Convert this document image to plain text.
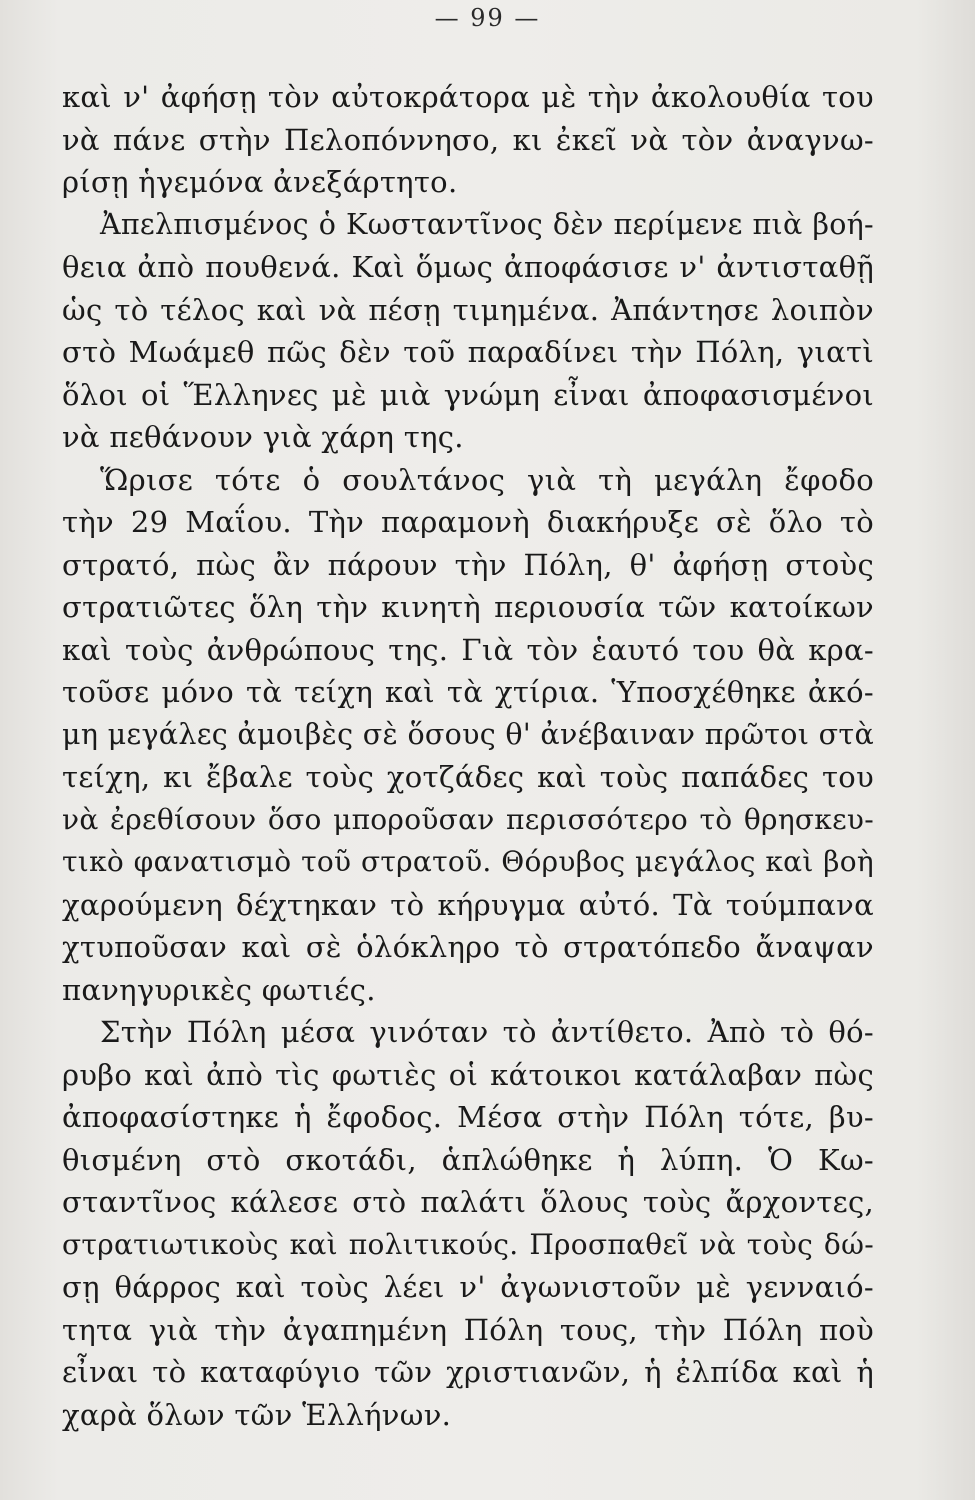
— 99 —
καὶ ν' ἀφήσῃ τὸν αὐτοκράτορα μὲ τὴν ἀκολουθία του
νὰ πάνε στὴν Πελοπόννησο, κι ἐκεῖ νὰ τὸν ἀναγνω-
ρίσῃ ἡγεμόνα ἀνεξάρτητο.
Ἀπελπισμένος ὁ Κωσταντῖνος δὲν περίμενε πιὰ βοή-
θεια ἀπὸ πουθενά. Καὶ ὅμως ἀποφάσισε ν' ἀντισταθῇ
ὡς τὸ τέλος καὶ νὰ πέσῃ τιμημένα. Ἀπάντησε λοιπὸν
στὸ Μωάμεθ πῶς δὲν τοῦ παραδίνει τὴν Πόλη, γιατὶ
ὅλοι οἱ Ἕλληνες μὲ μιὰ γνώμη εἶναι ἀποφασισμένοι
νὰ πεθάνουν γιὰ χάρη της.
Ὥρισε τότε ὁ σουλτάνος γιὰ τὴ μεγάλη ἔφοδο
τὴν 29 Μαΐου. Τὴν παραμονὴ διακήρυξε σὲ ὅλο τὸ
στρατό, πὼς ἂν πάρουν τὴν Πόλη, θ' ἀφήσῃ στοὺς
στρατιῶτες ὅλη τὴν κινητὴ περιουσία τῶν κατοίκων
καὶ τοὺς ἀνθρώπους της. Γιὰ τὸν ἑαυτό του θὰ κρα-
τοῦσε μόνο τὰ τείχη καὶ τὰ χτίρια. Ὑποσχέθηκε ἀκό-
μη μεγάλες ἀμοιβὲς σὲ ὅσους θ' ἀνέβαιναν πρῶτοι στὰ
τείχη, κι ἔβαλε τοὺς χοτζάδες καὶ τοὺς παπάδες του
νὰ ἐρεθίσουν ὅσο μποροῦσαν περισσότερο τὸ θρησκευ-
τικὸ φανατισμὸ τοῦ στρατοῦ. Θόρυβος μεγάλος καὶ βοὴ
χαρούμενη δέχτηκαν τὸ κήρυγμα αὐτό. Τὰ τούμπανα
χτυποῦσαν καὶ σὲ ὁλόκληρο τὸ στρατόπεδο ἄναψαν
πανηγυρικὲς φωτιές.
Στὴν Πόλη μέσα γινόταν τὸ ἀντίθετο. Ἀπὸ τὸ θό-
ρυβο καὶ ἀπὸ τὶς φωτιὲς οἱ κάτοικοι κατάλαβαν πὼς
ἀποφασίστηκε ἡ ἔφοδος. Μέσα στὴν Πόλη τότε, βυ-
θισμένη στὸ σκοτάδι, ἁπλώθηκε ἡ λύπη. Ὁ Κω-
σταντῖνος κάλεσε στὸ παλάτι ὅλους τοὺς ἄρχοντες,
στρατιωτικοὺς καὶ πολιτικούς. Προσπαθεῖ νὰ τοὺς δώ-
σῃ θάρρος καὶ τοὺς λέει ν' ἀγωνιστοῦν μὲ γενναιό-
τητα γιὰ τὴν ἀγαπημένη Πόλη τους, τὴν Πόλη ποὺ
εἶναι τὸ καταφύγιο τῶν χριστιανῶν, ἡ ἐλπίδα καὶ ἡ
χαρὰ ὅλων τῶν Ἑλλήνων.
